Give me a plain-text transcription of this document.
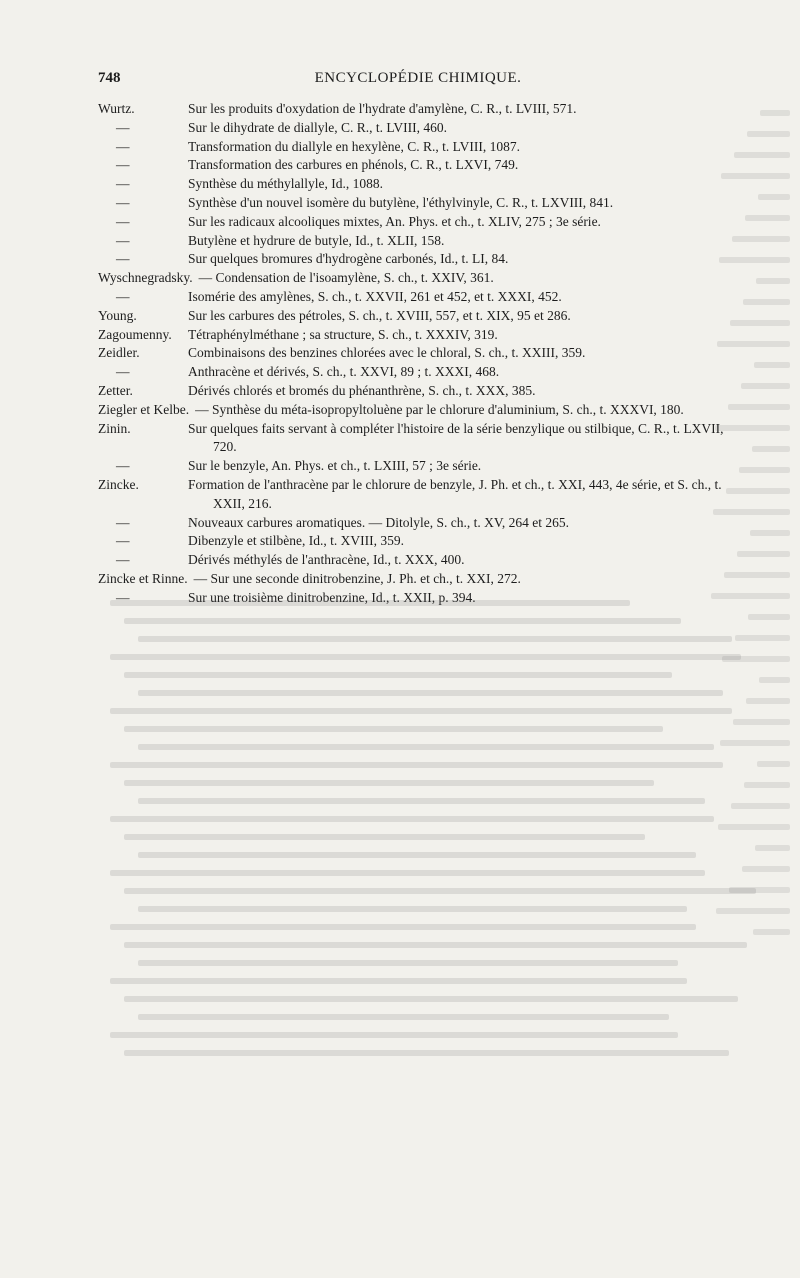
748	ENCYCLOPÉDIE CHIMIQUE.
Wurtz.	Sur les produits d'oxydation de l'hydrate d'amylène, C. R., t. LVIII, 571.
—	Sur le dihydrate de diallyle, C. R., t. LVIII, 460.
—	Transformation du diallyle en hexylène, C. R., t. LVIII, 1087.
—	Transformation des carbures en phénols, C. R., t. LXVI, 749.
—	Synthèse du méthylallyle, Id., 1088.
—	Synthèse d'un nouvel isomère du butylène, l'éthylvinyle, C. R., t. LXVIII, 841.
—	Sur les radicaux alcooliques mixtes, An. Phys. et ch., t. XLIV, 275 ; 3e série.
—	Butylène et hydrure de butyle, Id., t. XLII, 158.
—	Sur quelques bromures d'hydrogène carbonés, Id., t. LI, 84.
Wyschnegradsky. — Condensation de l'isoamylène, S. ch., t. XXIV, 361.
—	Isomérie des amylènes, S. ch., t. XXVII, 261 et 452, et t. XXXI, 452.
Young.	Sur les carbures des pétroles, S. ch., t. XVIII, 557, et t. XIX, 95 et 286.
Zagoumenny. Tétraphénylméthane ; sa structure, S. ch., t. XXXIV, 319.
Zeidler.	Combinaisons des benzines chlorées avec le chloral, S. ch., t. XXIII, 359.
—	Anthracène et dérivés, S. ch., t. XXVI, 89 ; t. XXXI, 468.
Zetter.	Dérivés chlorés et bromés du phénanthrène, S. ch., t. XXX, 385.
Ziegler et Kelbe. — Synthèse du méta-isopropyltoluène par le chlorure d'aluminium, S. ch., t. XXXVI, 180.
Zinin.	Sur quelques faits servant à compléter l'histoire de la série benzylique ou stilbique, C. R., t. LXVII, 720.
—	Sur le benzyle, An. Phys. et ch., t. LXIII, 57 ; 3e série.
Zincke.	Formation de l'anthracène par le chlorure de benzyle, J. Ph. et ch., t. XXI, 443, 4e série, et S. ch., t. XXII, 216.
—	Nouveaux carbures aromatiques. — Ditolyle, S. ch., t. XV, 264 et 265.
—	Dibenzyle et stilbène, Id., t. XVIII, 359.
—	Dérivés méthylés de l'anthracène, Id., t. XXX, 400.
Zincke et Rinne. — Sur une seconde dinitrobenzine, J. Ph. et ch., t. XXI, 272.
—	Sur une troisième dinitrobenzine, Id., t. XXII, p. 394.
